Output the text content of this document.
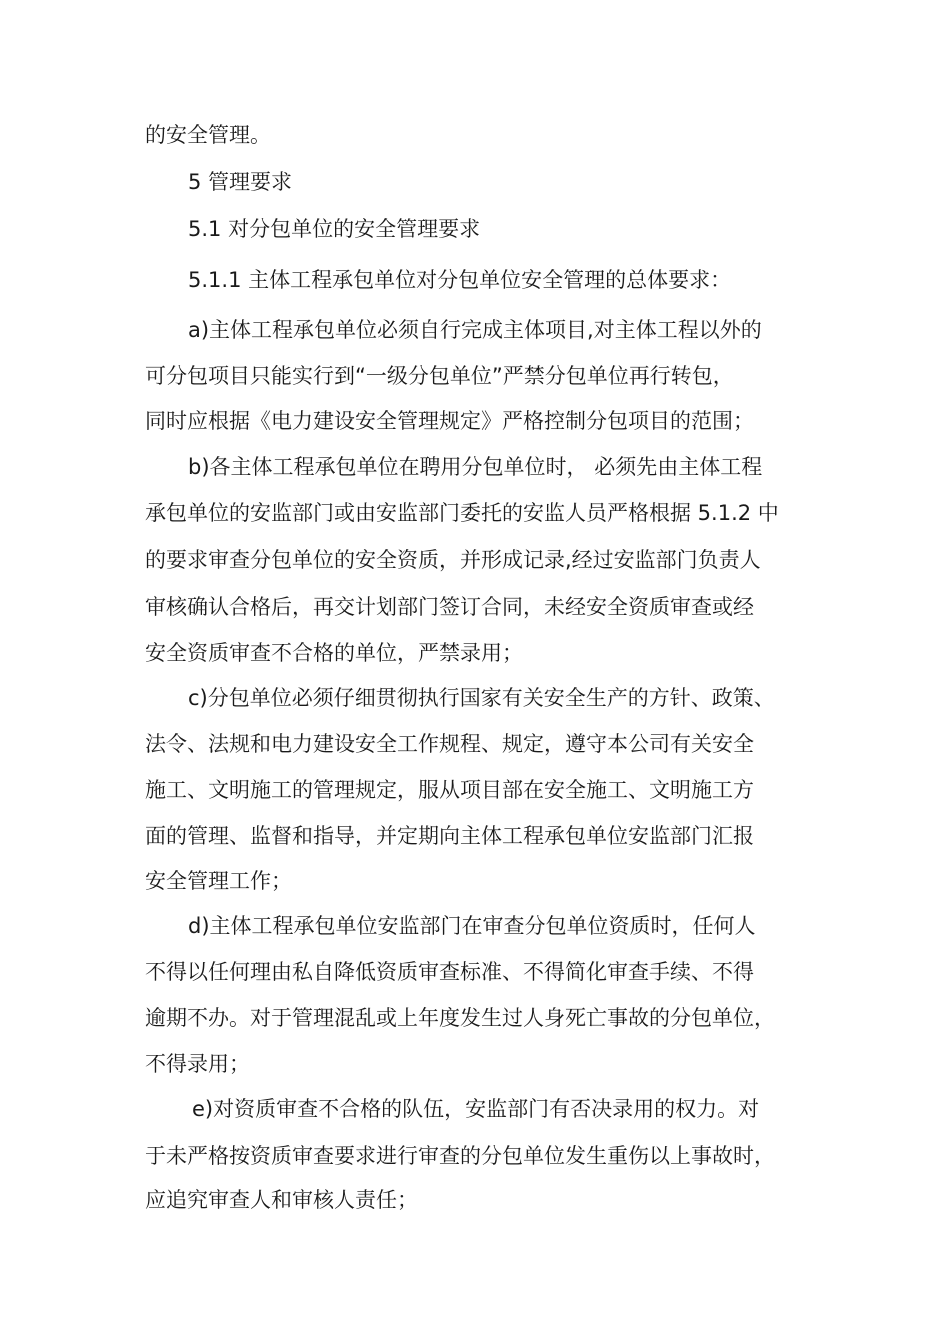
的安全管理。
5 管理要求
5.1 对分包单位的安全管理要求
5.1.1 主体工程承包单位对分包单位安全管理的总体要求：
a)主体工程承包单位必须自行完成主体项目,对主体工程以外的
可分包项目只能实行到“一级分包单位”严禁分包单位再行转包，
同时应根据《电力建设安全管理规定》严格控制分包项目的范围；
b)各主体工程承包单位在聘用分包单位时， 必须先由主体工程
承包单位的安监部门或由安监部门委托的安监人员严格根据 5.1.2 中
的要求审查分包单位的安全资质，并形成记录,经过安监部门负责人
审核确认合格后，再交计划部门签订合同，未经安全资质审查或经
安全资质审查不合格的单位，严禁录用；
c)分包单位必须仔细贯彻执行国家有关安全生产的方针、政策、
法令、法规和电力建设安全工作规程、规定，遵守本公司有关安全
施工、文明施工的管理规定，服从项目部在安全施工、文明施工方
面的管理、监督和指导，并定期向主体工程承包单位安监部门汇报
安全管理工作；
d)主体工程承包单位安监部门在审查分包单位资质时，任何人
不得以任何理由私自降低资质审查标准、不得简化审查手续、不得
逾期不办。对于管理混乱或上年度发生过人身死亡事故的分包单位，
不得录用；
e)对资质审查不合格的队伍，安监部门有否决录用的权力。对
于未严格按资质审查要求进行审查的分包单位发生重伤以上事故时，
应追究审查人和审核人责任；
